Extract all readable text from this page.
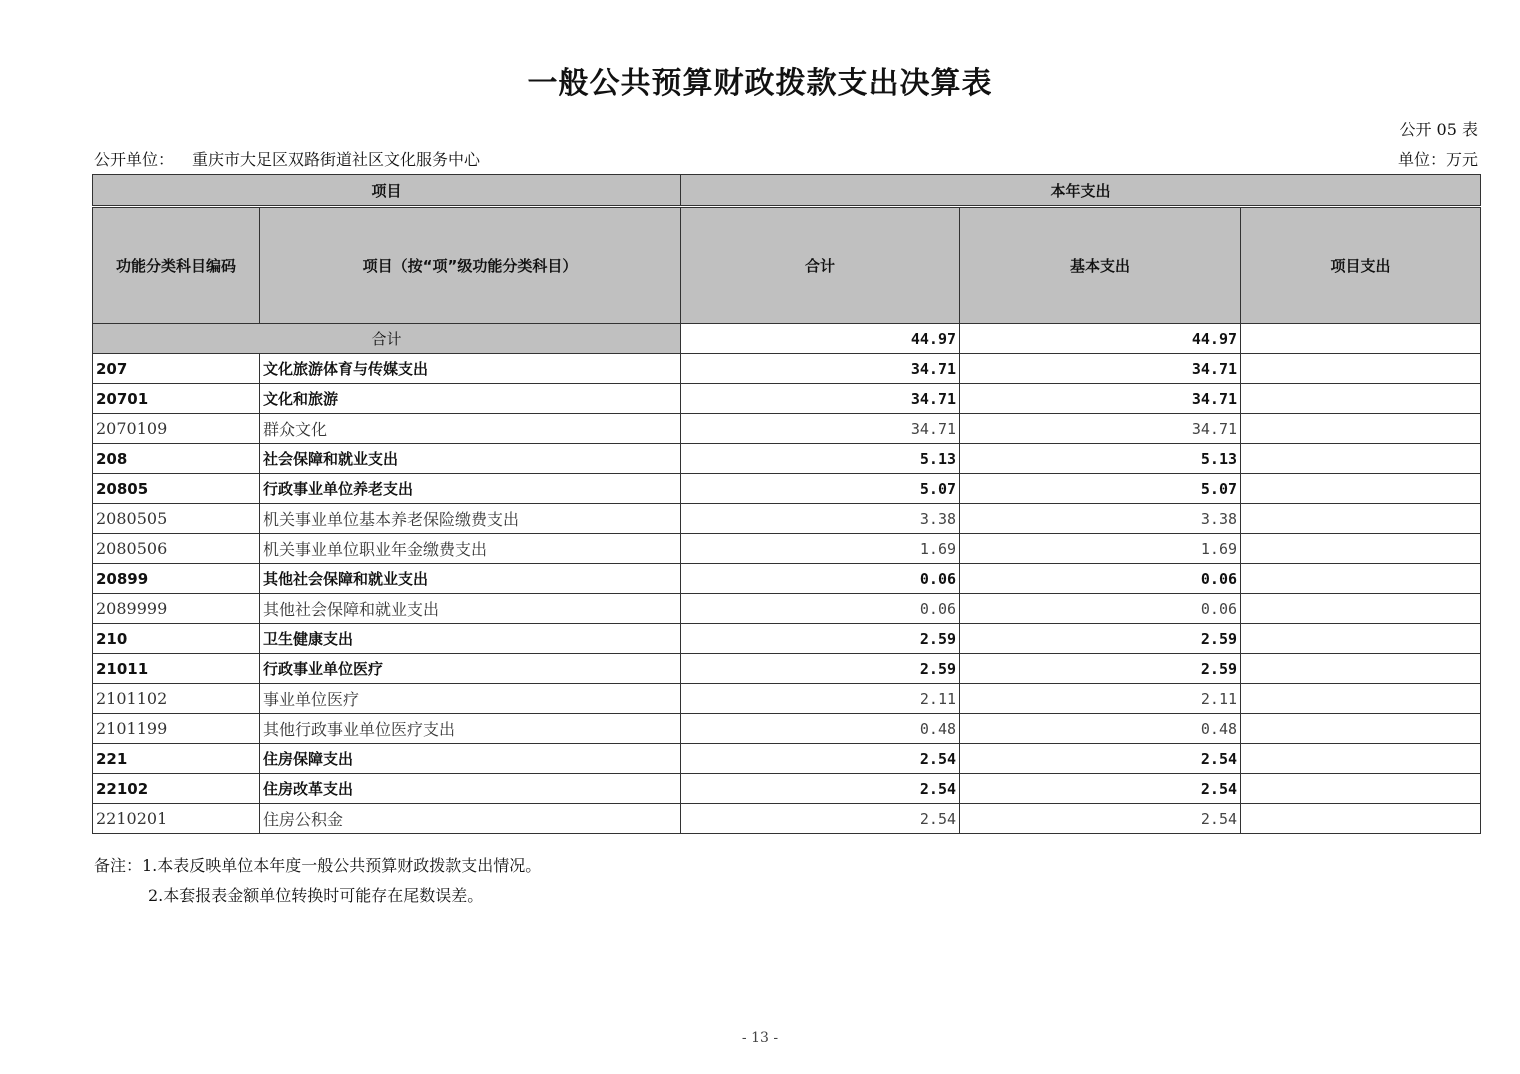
一般公共预算财政拨款支出决算表
公开 05 表
公开单位： 重庆市大足区双路街道社区文化服务中心	单位：万元
项目		本年支出		
功能分类科目编码	项目（按“项”级功能分类科目）	合计	基本支出	项目支出
合计		44.97	44.97	
207	文化旅游体育与传媒支出	34.71	34.71	
20701	文化和旅游	34.71	34.71	
2070109	群众文化	34.71	34.71	
208	社会保障和就业支出	5.13	5.13	
20805	行政事业单位养老支出	5.07	5.07	
2080505	机关事业单位基本养老保险缴费支出	3.38	3.38	
2080506	机关事业单位职业年金缴费支出	1.69	1.69	
20899	其他社会保障和就业支出	0.06	0.06	
2089999	其他社会保障和就业支出	0.06	0.06	
210	卫生健康支出	2.59	2.59	
21011	行政事业单位医疗	2.59	2.59	
2101102	事业单位医疗	2.11	2.11	
2101199	其他行政事业单位医疗支出	0.48	0.48	
221	住房保障支出	2.54	2.54	
22102	住房改革支出	2.54	2.54	
2210201	住房公积金	2.54	2.54	
备注：1.本表反映单位本年度一般公共预算财政拨款支出情况。
2.本套报表金额单位转换时可能存在尾数误差。
- 13 -
